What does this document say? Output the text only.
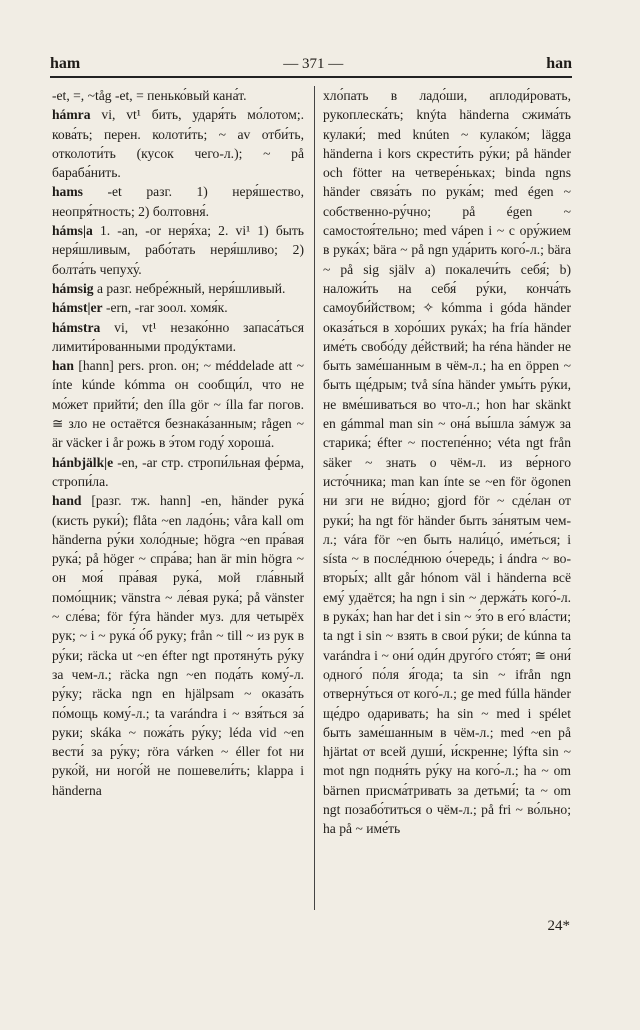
ham	— 371 —	han

-et, =, ~tåg -et, = пенько́вый кана́т.

hámra vi, vt¹ бить, ударя́ть мо́лотом;. кова́ть; перен. колоти́ть; ~ av отби́ть, отколоти́ть (кусок чего-л.); ~ på бараба́нить.

hams -et разг. 1) неря́шество, неопря́тность; 2) болтовня́.

háms|a 1. -an, -or неря́ха; 2. vi¹ 1) быть неря́шливым, рабо́тать неря́шливо; 2) болта́ть чепуху́.

hámsig a разг. небре́жный, неря́шливый.

hámst|er -ern, -rar зоол. хомя́к.

hámstra vi, vt¹ незако́нно запаса́ться лимити́рованными проду́ктами.

han [hann] pers. pron. он; ~ méddelade att ~ ínte kúnde kómma он сообщи́л, что не мо́жет прийти́; den ílla gör ~ ílla far погов. ≅ зло не остаётся безнака́занным; rågen ~ är väcker i år рожь в э́том году́ хороша́.

hánbjälk|e -en, -ar стр. стропи́льная фе́рма, стропи́ла.

hand [разг. тж. hann] -en, händer рука́ (кисть руки́); flåta ~en ладо́нь; våra kall om händerna ру́ки холо́дные; högra ~en пра́вая рука́; på höger ~ спра́ва; han är min högra ~ он моя́ пра́вая рука́, мой гла́вный помо́щник; vänstra ~ ле́вая рука́; på vänster ~ сле́ва; för fýra händer муз. для четырёх рук; ~ i ~ рука́ о́б руку; från ~ till ~ из рук в ру́ки; räcka ut ~en éfter ngt протяну́ть ру́ку за чем-л.; räcka ngn ~en пода́ть кому́-л. ру́ку; räcka ngn en hjälpsam ~ оказа́ть по́мощь кому́-л.; ta varándra i ~ взя́ться за́ руки; skáka ~ пожа́ть ру́ку; léda vid ~en вести́ за ру́ку; röra várken ~ éller fot ни руко́й, ни ного́й не пошевели́ть; klappa i händerna

хло́пать в ладо́ши, аплоди́ровать, рукоплеска́ть; knýta händerna сжима́ть кулаки́; med knúten ~ кулако́м; lägga händerna i kors скрести́ть ру́ки; på händer och fötter на четвере́ньках; binda ngns händer связа́ть по рука́м; med égen ~ собственно-ру́чно; på égen ~ самостоя́тельно; med vápen i ~ с ору́жием в рука́х; bära ~ på ngn уда́рить кого́-л.; bära ~ på sig själv а) покалечи́ть себя́; b) наложи́ть на себя́ ру́ки, конча́ть самоуби́йством; ✧ kómma i góda händer оказа́ться в хоро́ших рука́х; ha fría händer име́ть свобо́ду де́йствий; ha réna händer не быть заме́шанным в чём-л.; ha en öppen ~ быть ще́дрым; två sína händer умы́ть ру́ки, не вме́шиваться во что-л.; hon har skänkt en gámmal man sin ~ она́ вы́шла за́муж за старика́; éfter ~ постепе́нно; véta ngt från säker ~ знать о чём-л. из ве́рного исто́чника; man kan ínte se ~en för ögonen ни зги не ви́дно; gjord för ~ сде́лан от руки́; ha ngt för händer быть за́нятым чем-л.; vára för ~en быть нали́цо́, име́ться; i sísta ~ в после́днюю о́чередь; i ándra ~ во-вторы́х; allt går hónom väl i händerna всё ему́ удаётся; ha ngn i sin ~ держа́ть кого́-л. в рука́х; han har det i sin ~ э́то в его́ вла́сти; ta ngt i sin ~ взять в свои́ ру́ки; de kúnna ta varándra i ~ они́ оди́н друго́го сто́ят; ≅ они́ одного́ по́ля я́года; ta sin ~ ifrån ngn отверну́ться от кого́-л.; ge med fúlla händer ще́дро одаривать; ha sin ~ med i spélet быть заме́шанным в чём-л.; med ~en på hjärtat от всей души́, и́скренне; lýfta sin ~ mot ngn подня́ть ру́ку на кого́-л.; ha ~ om bärnen присма́тривать за детьми́; ta ~ om ngt позабо́титься о чём-л.; på fri ~ во́льно; ha på ~ име́ть

24*
